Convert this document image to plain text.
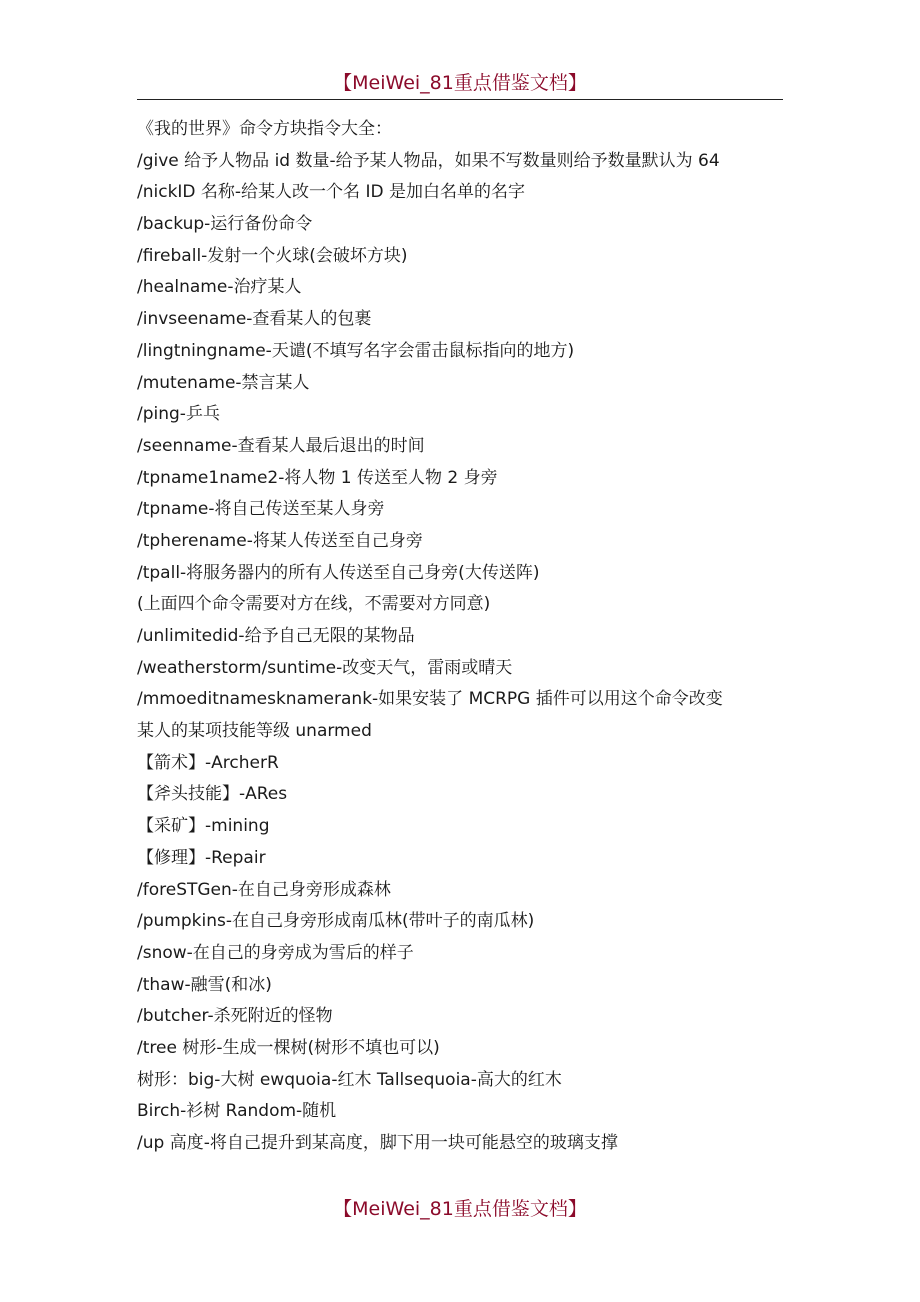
【MeiWei_81重点借鉴文档】
《我的世界》命令方块指令大全：
/give 给予人物品 id 数量-给予某人物品，如果不写数量则给予数量默认为 64
/nickID 名称-给某人改一个名 ID 是加白名单的名字
/backup-运行备份命令
/fireball-发射一个火球(会破坏方块)
/healname-治疗某人
/invseename-查看某人的包裹
/lingtningname-天谴(不填写名字会雷击鼠标指向的地方)
/mutename-禁言某人
/ping-乒乓
/seenname-查看某人最后退出的时间
/tpname1name2-将人物 1 传送至人物 2 身旁
/tpname-将自己传送至某人身旁
/tpherename-将某人传送至自己身旁
/tpall-将服务器内的所有人传送至自己身旁(大传送阵)
(上面四个命令需要对方在线，不需要对方同意)
/unlimitedid-给予自己无限的某物品
/weatherstorm/suntime-改变天气，雷雨或晴天
/mmoeditnamesknamerank-如果安装了 MCRPG 插件可以用这个命令改变
某人的某项技能等级 unarmed
【箭术】-ArcherR
【斧头技能】-ARes
【采矿】-mining
【修理】-Repair
/foreSTGen-在自己身旁形成森林
/pumpkins-在自己身旁形成南瓜林(带叶子的南瓜林)
/snow-在自己的身旁成为雪后的样子
/thaw-融雪(和冰)
/butcher-杀死附近的怪物
/tree 树形-生成一棵树(树形不填也可以)
树形：big-大树 ewquoia-红木 Tallsequoia-高大的红木
Birch-衫树 Random-随机
/up 高度-将自己提升到某高度，脚下用一块可能悬空的玻璃支撑
【MeiWei_81重点借鉴文档】
